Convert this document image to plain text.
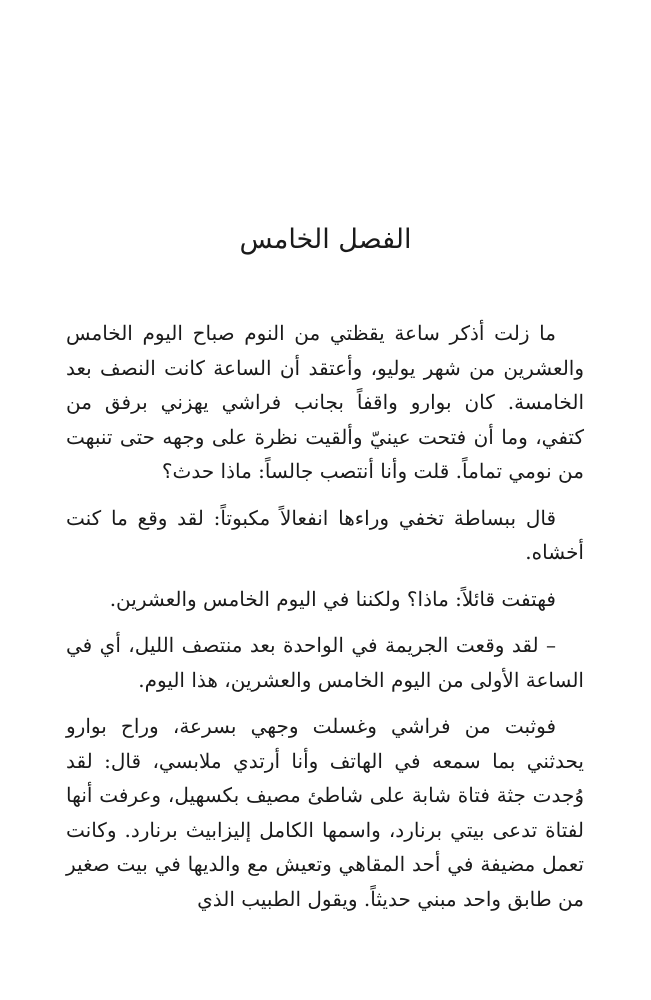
الفصل الخامس

ما زلت أذكر ساعة يقظتي من النوم صباح اليوم الخامس والعشرين من شهر يوليو، وأعتقد أن الساعة كانت النصف بعد الخامسة. كان بوارو واقفاً بجانب فراشي يهزني برفق من كتفي، وما أن فتحت عينيّ وألقيت نظرة على وجهه حتى تنبهت من نومي تماماً. قلت وأنا أنتصب جالساً: ماذا حدث؟

قال ببساطة تخفي وراءها انفعالاً مكبوتاً: لقد وقع ما كنت أخشاه.

فهتفت قائلاً: ماذا؟ ولكننا في اليوم الخامس والعشرين.

– لقد وقعت الجريمة في الواحدة بعد منتصف الليل، أي في الساعة الأولى من اليوم الخامس والعشرين، هذا اليوم.

فوثبت من فراشي وغسلت وجهي بسرعة، وراح بوارو يحدثني بما سمعه في الهاتف وأنا أرتدي ملابسي، قال: لقد وُجدت جثة فتاة شابة على شاطئ مصيف بكسهيل، وعرفت أنها لفتاة تدعى بيتي برنارد، واسمها الكامل إليزابيث برنارد. وكانت تعمل مضيفة في أحد المقاهي وتعيش مع والديها في بيت صغير من طابق واحد مبني حديثاً. ويقول الطبيب الذي
